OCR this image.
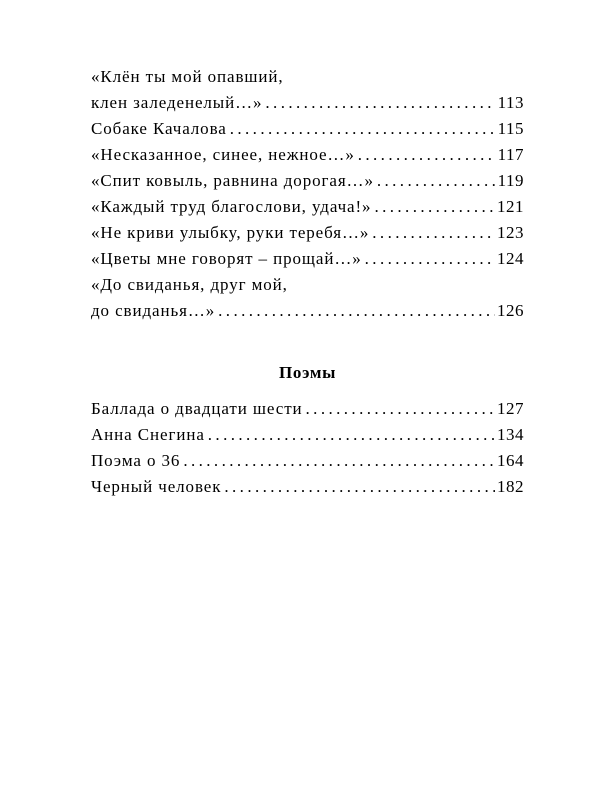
«Клён ты мой опавший,
клен заледенелый…» .....	113
Собаке Качалова .....	115
«Несказанное, синее, нежное…» .....	117
«Спит ковыль, равнина дорогая…» .....	119
«Каждый труд благослови, удача!» .....	121
«Не криви улыбку, руки теребя…» .....	123
«Цветы мне говорят – прощай…» .....	124
«До свиданья, друг мой,
до свиданья…» .....	126
Поэмы
Баллада о двадцати шести .....	127
Анна Снегина .....	134
Поэма о 36 .....	164
Черный человек .....	182
